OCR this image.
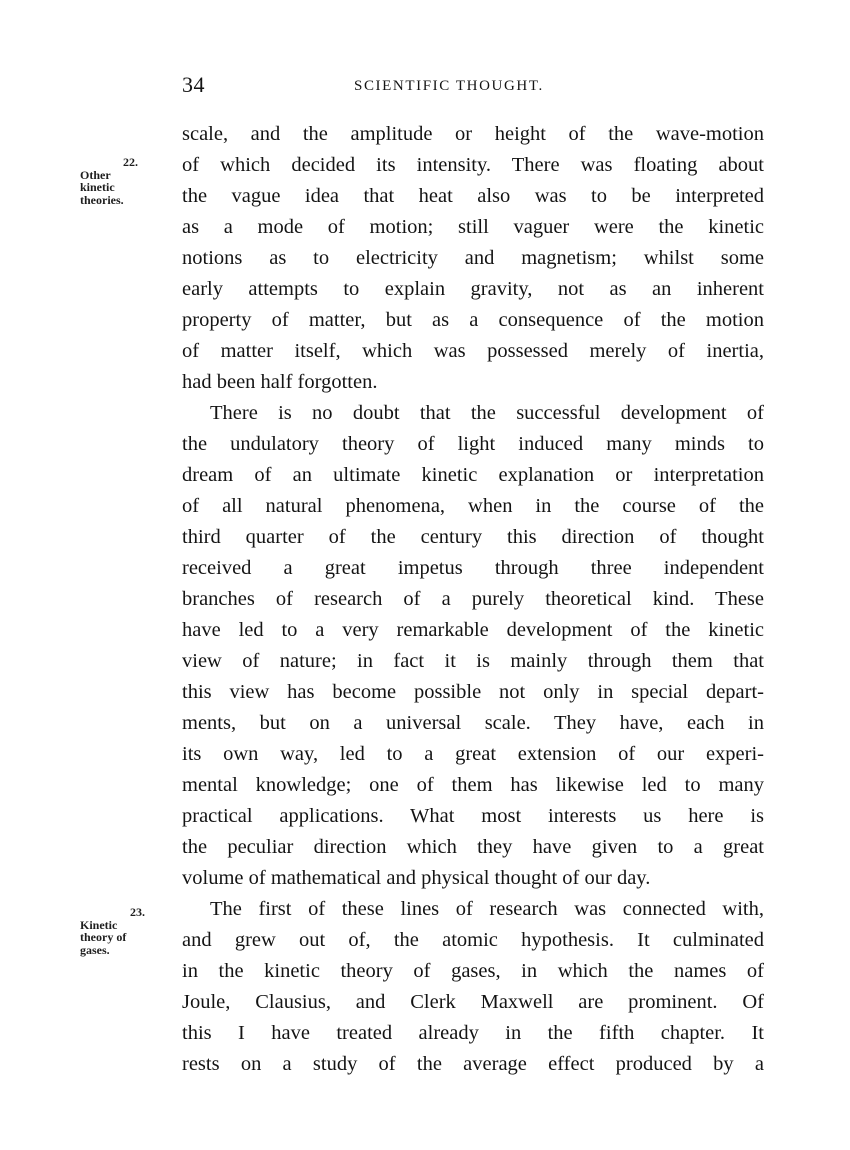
34	SCIENTIFIC THOUGHT.
22.
Other
kinetic
theories.
23.
Kinetic
theory of
gases.
scale, and the amplitude or height of the wave-motion
of which decided its intensity. There was floating about
the vague idea that heat also was to be interpreted
as a mode of motion; still vaguer were the kinetic
notions as to electricity and magnetism; whilst some
early attempts to explain gravity, not as an inherent
property of matter, but as a consequence of the motion
of matter itself, which was possessed merely of inertia,
had been half forgotten.
There is no doubt that the successful development of
the undulatory theory of light induced many minds to
dream of an ultimate kinetic explanation or interpretation
of all natural phenomena, when in the course of the
third quarter of the century this direction of thought
received a great impetus through three independent
branches of research of a purely theoretical kind. These
have led to a very remarkable development of the kinetic
view of nature; in fact it is mainly through them that
this view has become possible not only in special depart-
ments, but on a universal scale. They have, each in
its own way, led to a great extension of our experi-
mental knowledge; one of them has likewise led to many
practical applications. What most interests us here is
the peculiar direction which they have given to a great
volume of mathematical and physical thought of our day.
The first of these lines of research was connected with,
and grew out of, the atomic hypothesis. It culminated
in the kinetic theory of gases, in which the names of
Joule, Clausius, and Clerk Maxwell are prominent. Of
this I have treated already in the fifth chapter. It
rests on a study of the average effect produced by a
